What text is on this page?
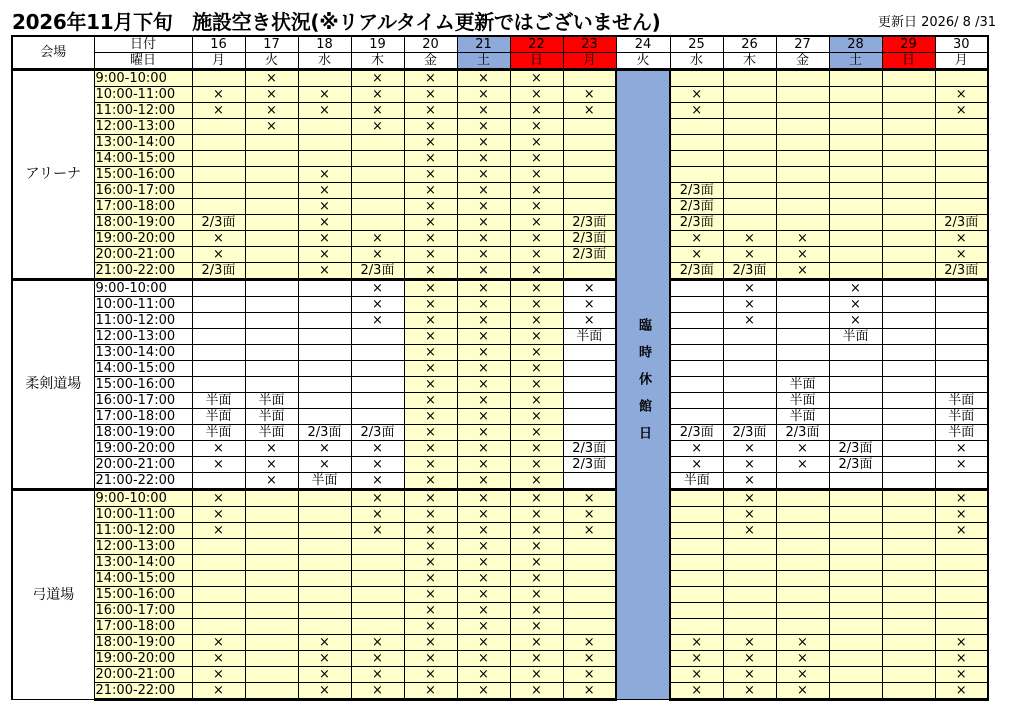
2026年11月下旬　施設空き状況(※リアルタイム更新ではございません)	更新日 2026/ 8 /31
会場	日付	16	17	18	19	20	21	22	23	24	25	26	27	28	29	30
	曜日	月	火	水	木	金	土	日	月	火	水	木	金	土	日	月
アリーナ	9:00-10:00		×		×	×	×	×		臨時休館日						

	10:00-11:00	×	×	×	×	×	×	×	×		×					×
	11:00-12:00	×	×	×	×	×	×	×	×		×					×
	12:00-13:00		×		×	×	×	×								
	13:00-14:00					×	×	×								
	14:00-15:00					×	×	×								
	15:00-16:00			×		×	×	×								
	16:00-17:00			×		×	×	×			2/3面					
	17:00-18:00			×		×	×	×			2/3面					
	18:00-19:00	2/3面		×		×	×	×	2/3面		2/3面					2/3面
	19:00-20:00	×		×	×	×	×	×	2/3面		×	×	×			×
	20:00-21:00	×		×	×	×	×	×	2/3面		×	×	×			×
	21:00-22:00	2/3面		×	2/3面	×	×	×			2/3面	2/3面	×			2/3面
柔剣道場	9:00-10:00				×	×	×	×	×			×		×		
	10:00-11:00				×	×	×	×	×			×		×		
	11:00-12:00				×	×	×	×	×			×		×		
	12:00-13:00					×	×	×	半面					半面		
	13:00-14:00					×	×	×								
	14:00-15:00					×	×	×								
	15:00-16:00					×	×	×					半面			
	16:00-17:00	半面	半面			×	×	×					半面			半面
	17:00-18:00	半面	半面			×	×	×					半面			半面
	18:00-19:00	半面	半面	2/3面	2/3面	×	×	×			2/3面	2/3面	2/3面			半面
	19:00-20:00	×	×	×	×	×	×	×	2/3面		×	×	×	2/3面		×
	20:00-21:00	×	×	×	×	×	×	×	2/3面		×	×	×	2/3面		×
	21:00-22:00		×	半面	×	×	×	×			半面	×				
弓道場	9:00-10:00	×			×	×	×	×	×			×				×
	10:00-11:00	×			×	×	×	×	×			×				×
	11:00-12:00	×			×	×	×	×	×			×				×
	12:00-13:00					×	×	×								
	13:00-14:00					×	×	×								
	14:00-15:00					×	×	×								
	15:00-16:00					×	×	×								
	16:00-17:00					×	×	×								
	17:00-18:00					×	×	×								
	18:00-19:00	×		×	×	×	×	×	×		×	×	×			×
	19:00-20:00	×		×	×	×	×	×	×		×	×	×			×
	20:00-21:00	×		×	×	×	×	×	×		×	×	×			×
	21:00-22:00	×		×	×	×	×	×	×		×	×	×			×
